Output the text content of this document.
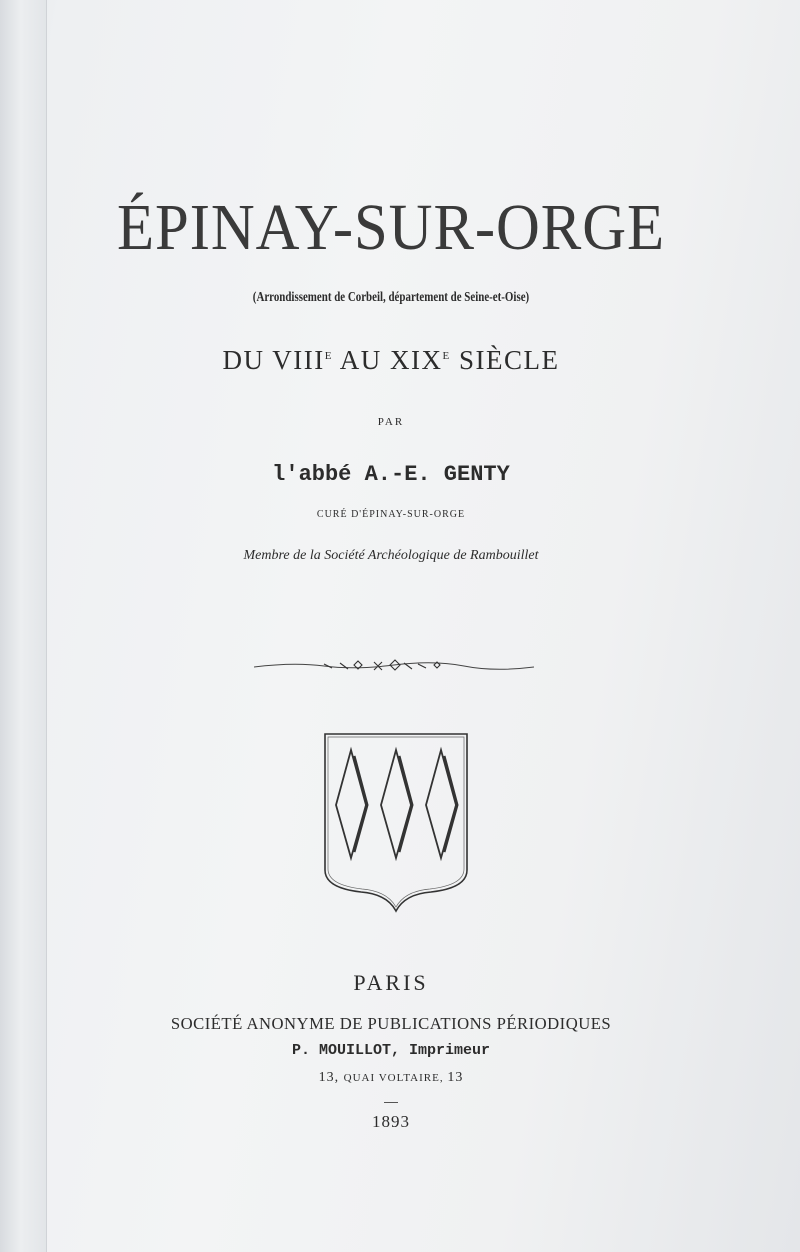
ÉPINAY-SUR-ORGE
(Arrondissement de Corbeil, département de Seine-et-Oise)
DU $VIII^E$ AU $XIX^E$ SIÈCLE
PAR
l'abbé A.-E. GENTY
CURÉ D'ÉPINAY-SUR-ORGE
Membre de la Société Archéologique de Rambouillet
PARIS
SOCIÉTÉ ANONYME DE PUBLICATIONS PÉRIODIQUES
P. MOUILLOT, Imprimeur
13, QUAI VOLTAIRE, 13
1893
